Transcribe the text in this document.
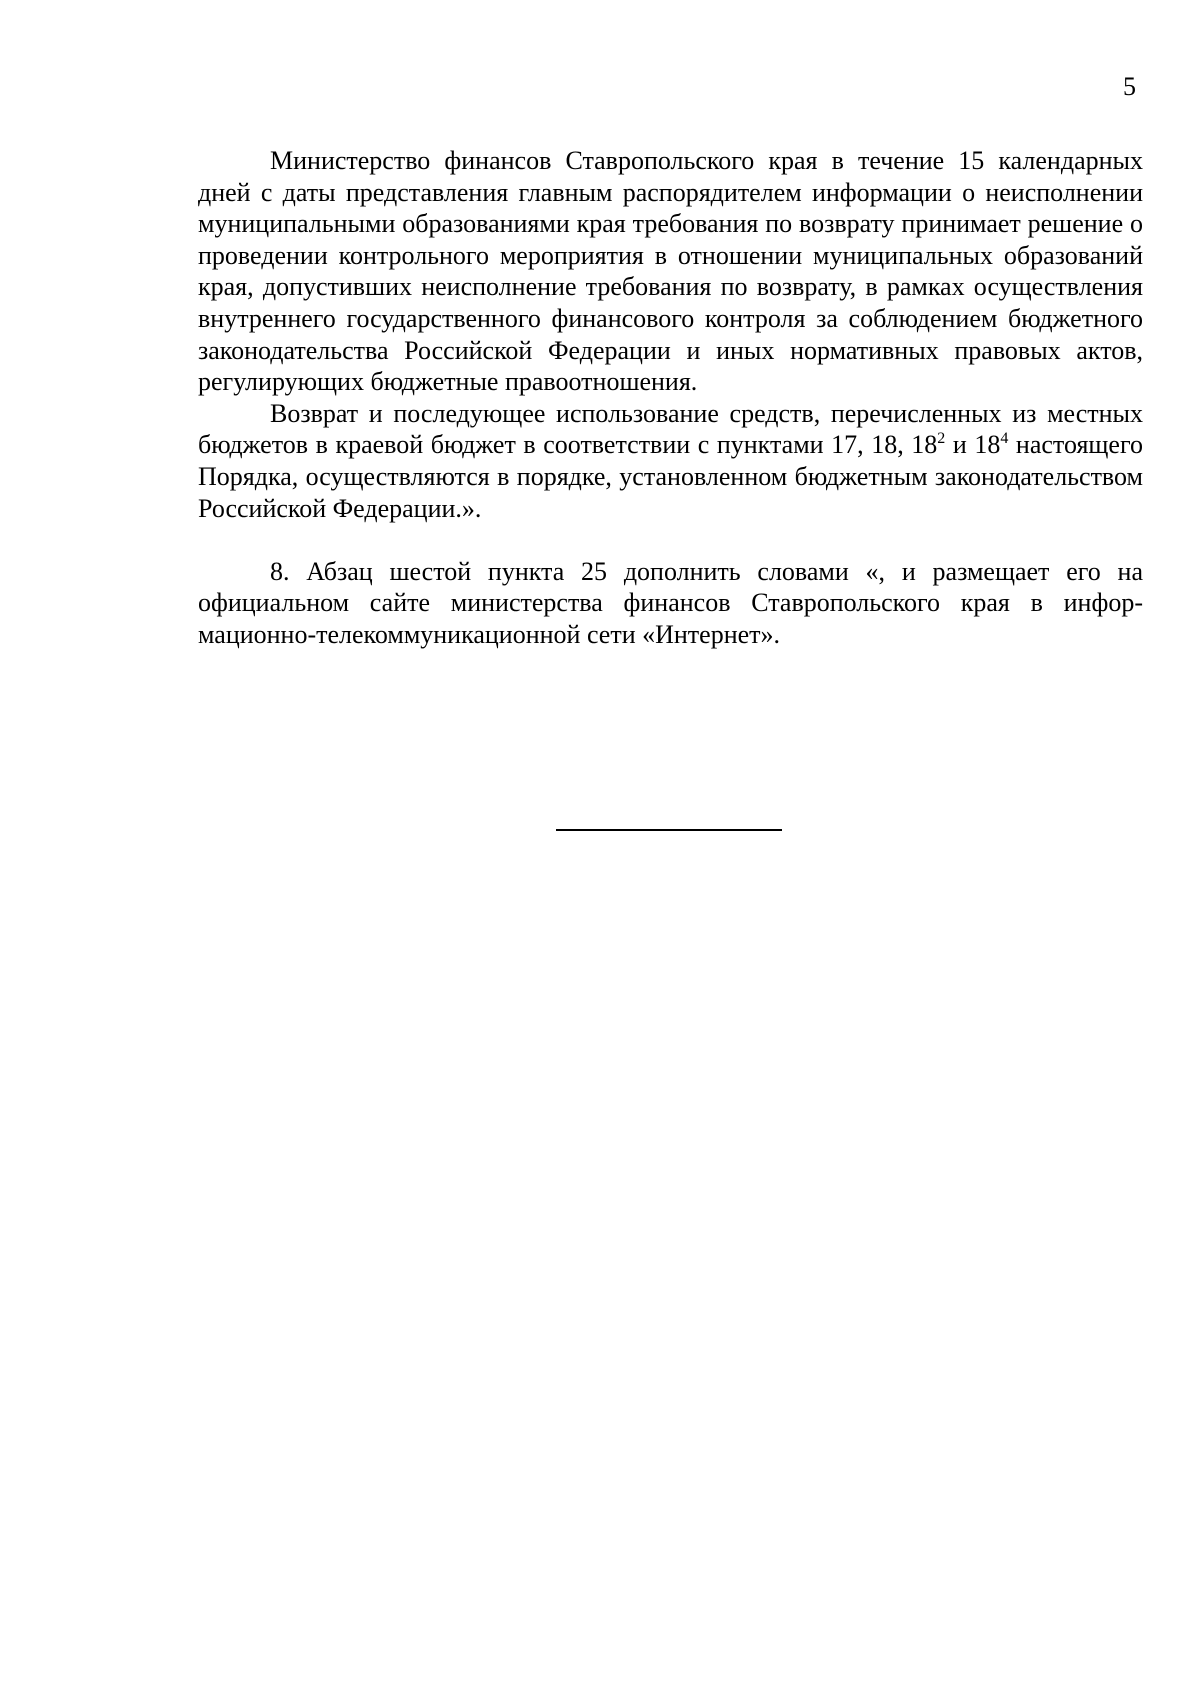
5

Министерство финансов Ставропольского края в течение 15 календарных дней с даты представления главным распорядителем информации о неисполнении муниципальными образованиями края требования по возврату принимает решение о проведении контрольного мероприятия в отношении муниципальных образований края, допустивших неисполнение требования по возврату, в рамках осуществления внутреннего государственного финансового контроля за соблюдением бюджетного законодательства Российской Федерации и иных нормативных правовых актов, регулирующих бюджетные правоотношения.

Возврат и последующее использование средств, перечисленных из местных бюджетов в краевой бюджет в соответствии с пунктами 17, 18, $18^2$ и $18^4$ настоящего Порядка, осуществляются в порядке, установленном бюджетным законодательством Российской Федерации.».

8. Абзац шестой пункта 25 дополнить словами «, и размещает его на официальном сайте министерства финансов Ставропольского края в информационно-телекоммуникационной сети «Интернет».
